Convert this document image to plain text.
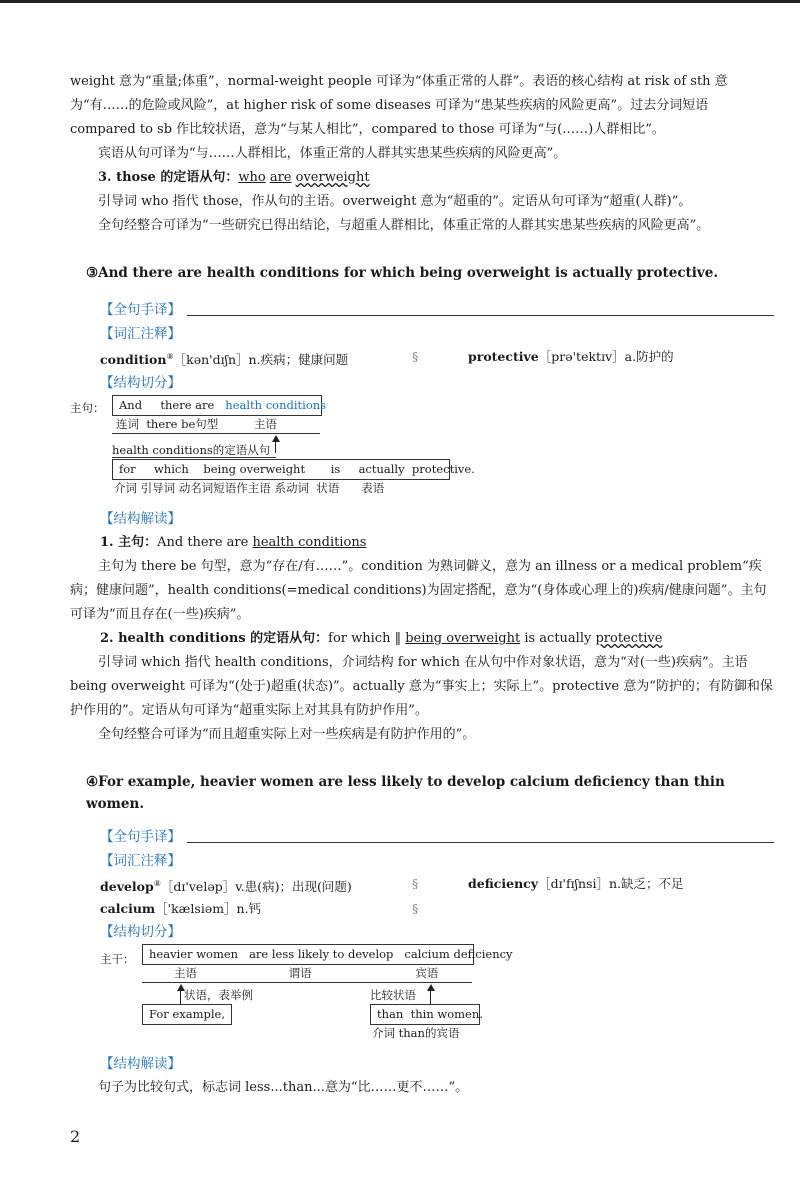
weight 意为“重量;体重”，normal-weight people 可译为“体重正常的人群”。表语的核心结构 at risk of sth 意为“有……的危险或风险”，at higher risk of some diseases 可译为“患某些疾病的风险更高”。过去分词短语 compared to sb 作比较状语，意为“与某人相比”，compared to those 可译为“与(……)人群相比”。

宾语从句可译为“与……人群相比，体重正常的人群其实患某些疾病的风险更高”。

3. those 的定语从句：who are overweight

引导词 who 指代 those，作从句的主语。overweight 意为“超重的”。定语从句可译为“超重(人群)”。

全句经整合可译为“一些研究已得出结论，与超重人群相比，体重正常的人群其实患某些疾病的风险更高”。

③And there are health conditions for which being overweight is actually protective.

【全句手译】
【词汇注释】
condition⑧［kən'dɪʃn］n.疾病；健康问题	§	protective［prə'tektɪv］a.防护的
【结构切分】
主句：	And there are health conditions
连词 there be句型	主语
health conditions的定语从句
for which being overweight is actually protective.
介词 引导词 动名词短语作主语 系动词 状语 表语
【结构解读】

1. 主句：And there are health conditions

主句为 there be 句型，意为“存在/有……”。condition 为熟词僻义，意为 an illness or a medical problem“疾病；健康问题”，health conditions(=medical conditions)为固定搭配，意为“(身体或心理上的)疾病/健康问题”。主句可译为“而且存在(一些)疾病”。

2. health conditions 的定语从句：for which ‖ being overweight is actually protective

引导词 which 指代 health conditions，介词结构 for which 在从句中作对象状语，意为“对(一些)疾病”。主语 being overweight 可译为“(处于)超重(状态)”。actually 意为“事实上；实际上”。protective 意为“防护的；有防御和保护作用的”。定语从句可译为“超重实际上对其具有防护作用”。

全句经整合可译为“而且超重实际上对一些疾病是有防护作用的”。

④For example, heavier women are less likely to develop calcium deficiency than thin women.

【全句手译】
【词汇注释】
develop⑧［dɪ'veləp］v.患(病)；出现(问题)	§	deficiency［dɪ'fɪʃnsi］n.缺乏；不足
calcium［'kælsiəm］n.钙	§
【结构切分】
主干：	heavier women are less likely to develop calcium deficiency
主语	谓语	宾语
状语，表举例	比较状语
For example,	than thin women.
介词 than的宾语
【结构解读】

句子为比较句式，标志词 less...than...意为“比……更不……”。

2
